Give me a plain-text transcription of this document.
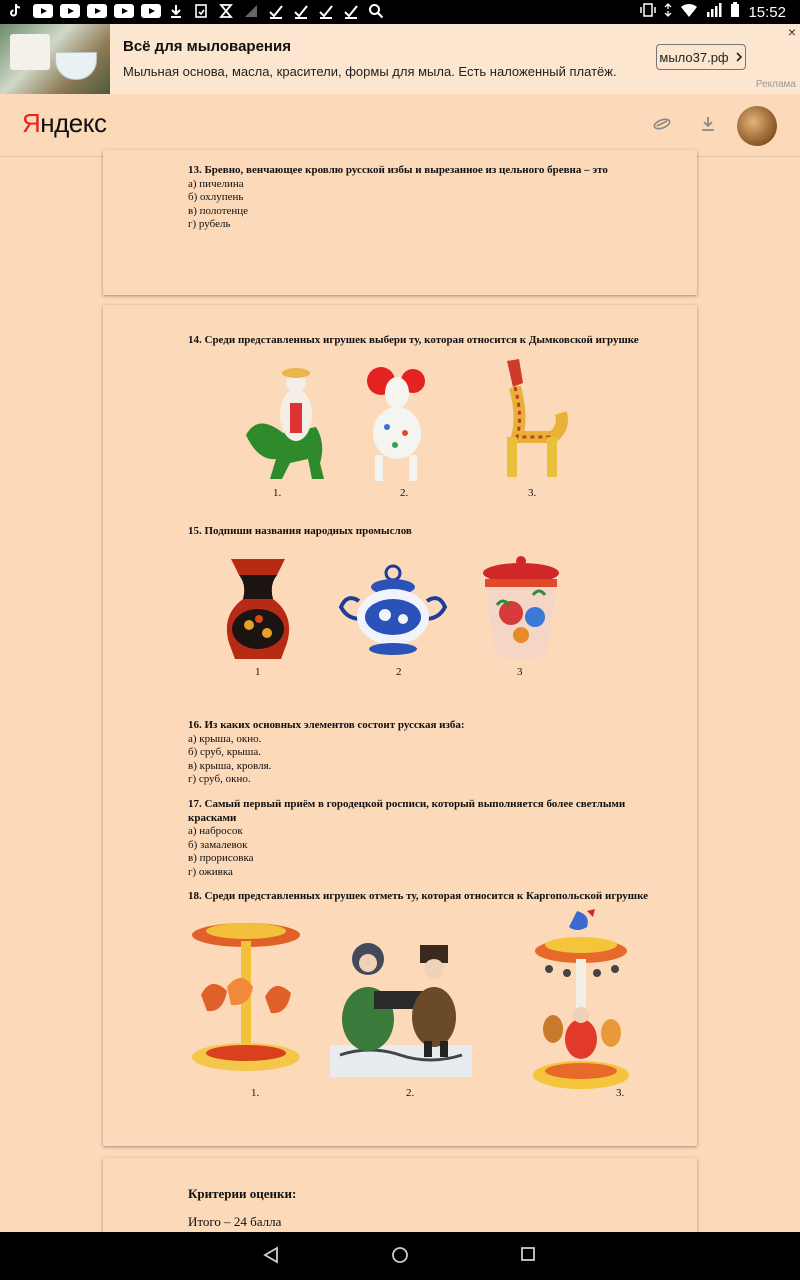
15:52
Всё для мыловарения
Мыльная основа, масла, красители, формы для мыла. Есть наложенный платёж.
мыло37.рф
×
Реклама
Яндекс
13. Бревно, венчающее кровлю русской избы и вырезанное из цельного бревна – это
а) пичелина
б) охлупень
в) полотенце
г) рубель
14. Среди представленных игрушек выбери ту, которая относится к Дымковской игрушке
1.	2.	3.
15. Подпиши названия народных промыслов
1	2	3
16. Из каких основных элементов состоит русская изба:
а) крыша, окно.
б) сруб, крыша.
в) крыша, кровля.
г) сруб, окно.
17. Самый первый приём в городецкой росписи, который выполняется более светлыми красками
а) набросок
б) замалевок
в) прорисовка
г) оживка
18. Среди представленных игрушек отметь ту, которая относится к Каргопольской игрушке
1.	2.	3.
Критерии оценки:
Итого – 24 балла
